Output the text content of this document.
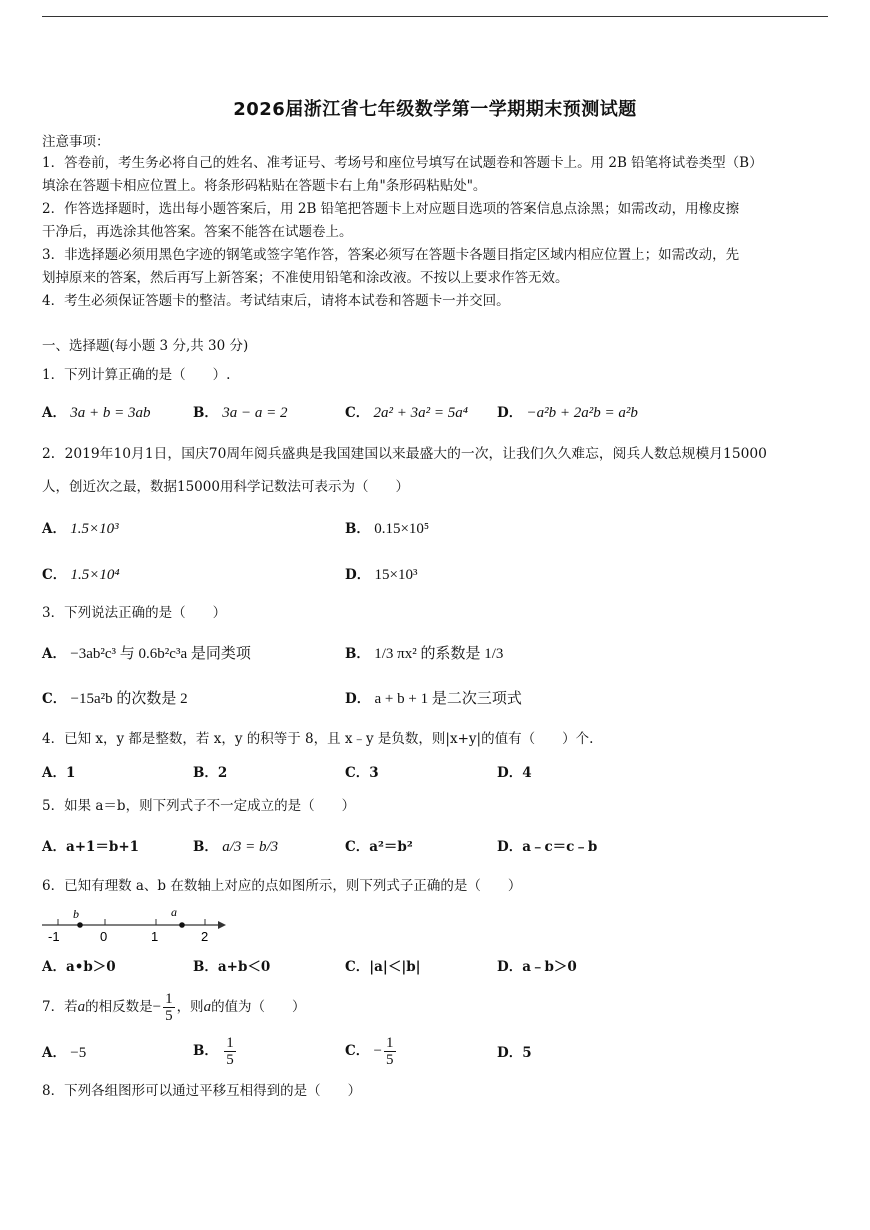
2026届浙江省七年级数学第一学期期末预测试题
注意事项：
1．答卷前，考生务必将自己的姓名、准考证号、考场号和座位号填写在试题卷和答题卡上。用 2B 铅笔将试卷类型（B）
填涂在答题卡相应位置上。将条形码粘贴在答题卡右上角"条形码粘贴处"。
2．作答选择题时，选出每小题答案后，用 2B 铅笔把答题卡上对应题目选项的答案信息点涂黑；如需改动，用橡皮擦
干净后，再选涂其他答案。答案不能答在试题卷上。
3．非选择题必须用黑色字迹的钢笔或签字笔作答，答案必须写在答题卡各题目指定区域内相应位置上；如需改动，先
划掉原来的答案，然后再写上新答案；不准使用铅笔和涂改液。不按以上要求作答无效。
4．考生必须保证答题卡的整洁。考试结束后，请将本试卷和答题卡一并交回。
一、选择题(每小题 3 分,共 30 分)
1．下列计算正确的是（　　）.
A． 3a + b = 3ab	B． 3a − a = 2	C． 2a² + 3a² = 5a⁴ D． −a²b + 2a²b = a²b
2．2019年10月1日，国庆70周年阅兵盛典是我国建国以来最盛大的一次，让我们久久难忘，阅兵人数总规模月15000
人，创近次之最，数据15000用科学记数法可表示为（　　）
A． 1.5×10³	B． 0.15×10⁵
C． 1.5×10⁴	D． 15×10³
3．下列说法正确的是（　　）
A． −3ab²c³ 与 0.6b²c³a 是同类项	B． 1/3 πx² 的系数是 1/3
C． −15a²b 的次数是 2	D． a + b + 1 是二次三项式
4．已知 x，y 都是整数，若 x，y 的积等于 8，且 x﹣y 是负数，则|x+y|的值有（　　）个.
A．1	B．2	C．3	D．4
5．如果 a＝b，则下列式子不一定成立的是（　　）
A．a+1＝b+1	B． a/3 = b/3	C．a²＝b²	D．a﹣c＝c﹣b
6．已知有理数 a、b 在数轴上对应的点如图所示，则下列式子正确的是（　　）
b	a
-1	0	1	2
A．a•b＞0	B．a+b＜0	C．|a|＜|b|	D．a﹣b＞0
7．若a的相反数是− $\frac{1}{5}$ ，则a的值为（　　）
A． −5	B． $\frac{1}{5}$	C． − $\frac{1}{5}$	D．5
8．下列各组图形可以通过平移互相得到的是（　　）
